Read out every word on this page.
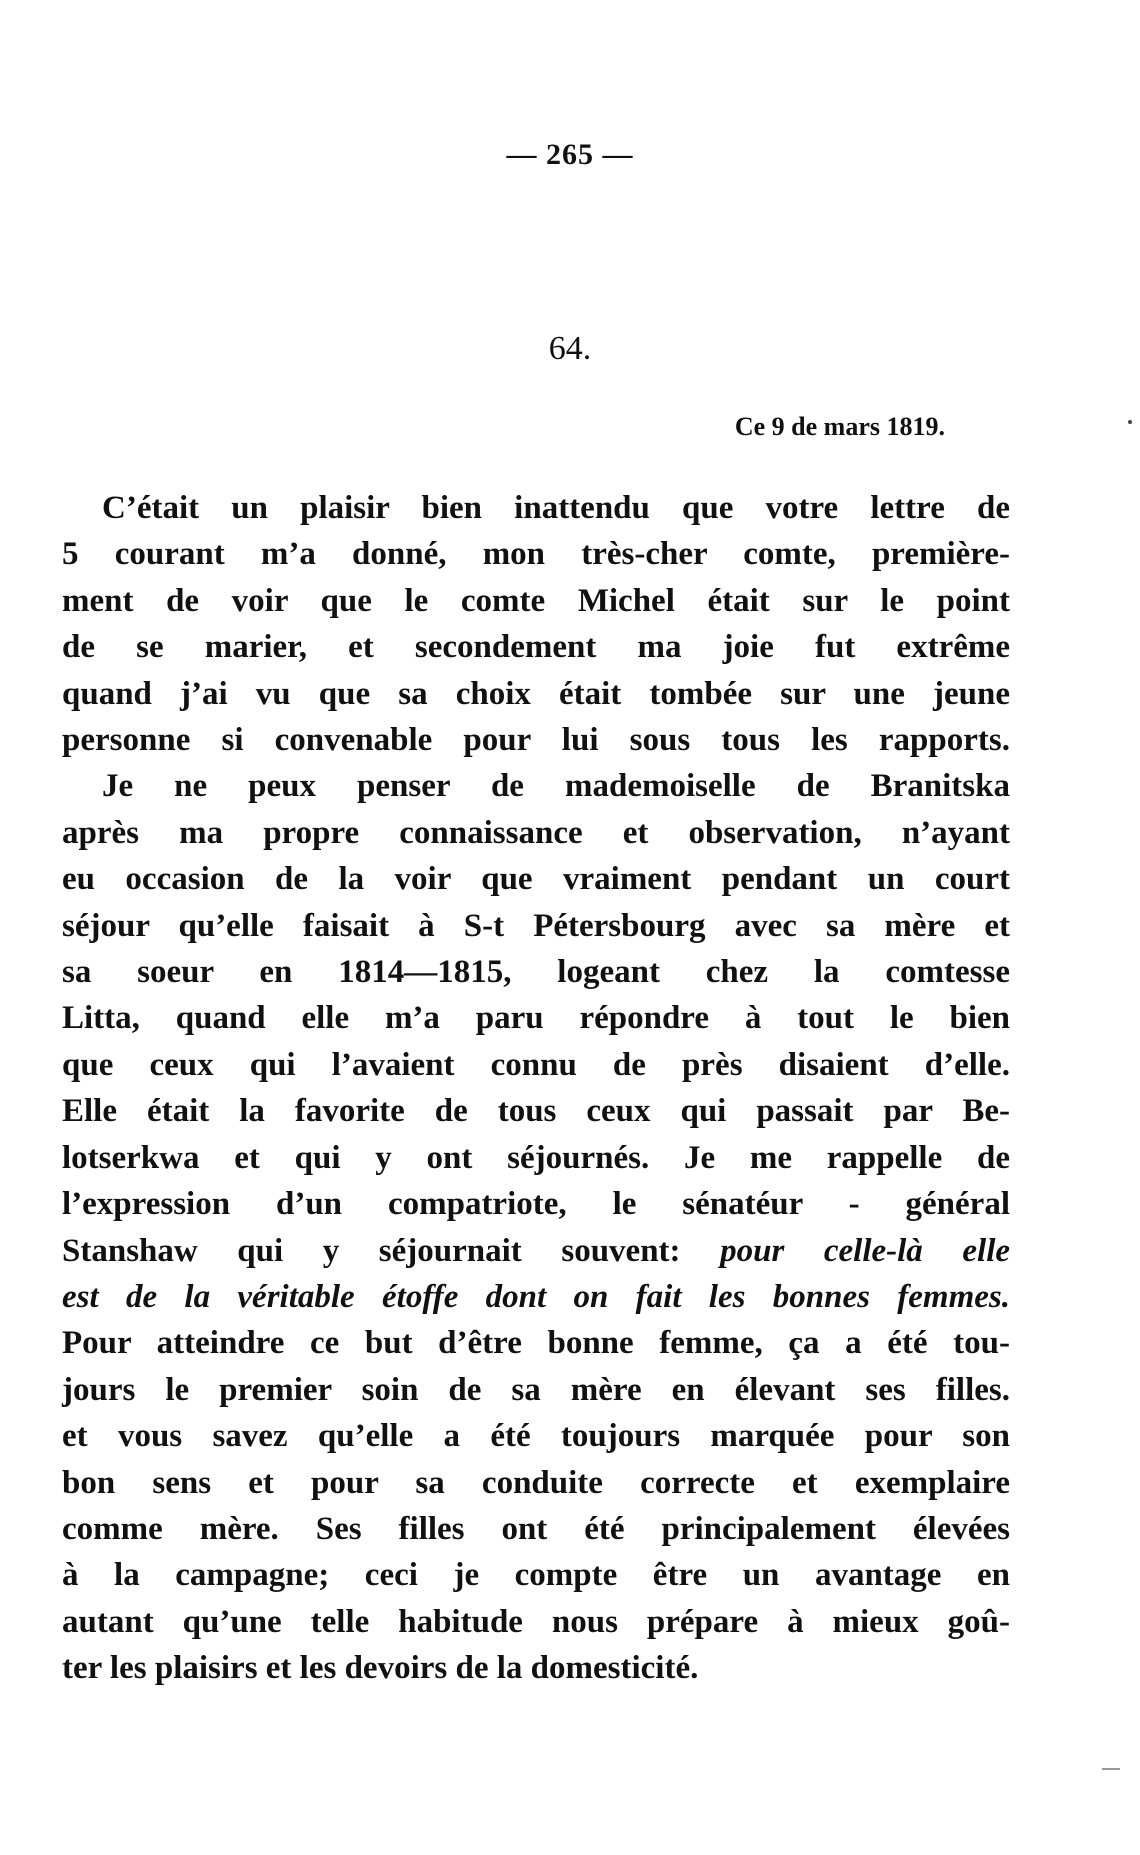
— 265 —
64.
Ce 9 de mars 1819.
C’était un plaisir bien inattendu que votre lettre de
5 courant m’a donné, mon très-cher comte, première-
ment de voir que le comte Michel était sur le point
de se marier, et secondement ma joie fut extrême
quand j’ai vu que sa choix était tombée sur une jeune
personne si convenable pour lui sous tous les rapports.
Je ne peux penser de mademoiselle de Branitska
après ma propre connaissance et observation, n’ayant
eu occasion de la voir que vraiment pendant un court
séjour qu’elle faisait à S-t Pétersbourg avec sa mère et
sa soeur en 1814—1815, logeant chez la comtesse
Litta, quand elle m’a paru répondre à tout le bien
que ceux qui l’avaient connu de près disaient d’elle.
Elle était la favorite de tous ceux qui passait par Be-
lotserkwa et qui y ont séjournés. Je me rappelle de
l’expression d’un compatriote, le sénatéur - général
Stanshaw qui y séjournait souvent: pour celle-là elle
est de la véritable étoffe dont on fait les bonnes femmes.
Pour atteindre ce but d’être bonne femme, ça a été tou-
jours le premier soin de sa mère en élevant ses filles.
et vous savez qu’elle a été toujours marquée pour son
bon sens et pour sa conduite correcte et exemplaire
comme mère. Ses filles ont été principalement élevées
à la campagne; ceci je compte être un avantage en
autant qu’une telle habitude nous prépare à mieux goû-
ter les plaisirs et les devoirs de la domesticité.
